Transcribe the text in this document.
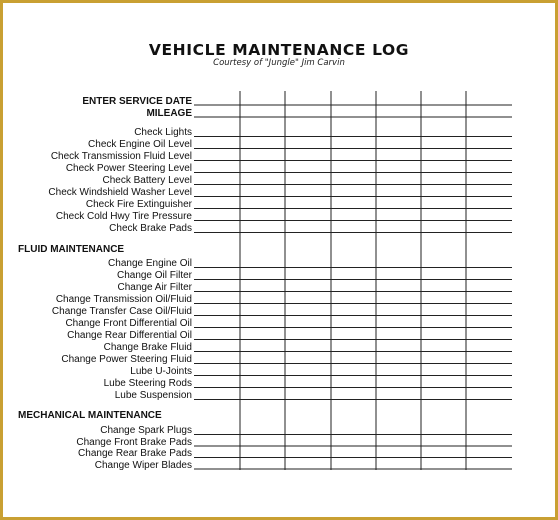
VEHICLE MAINTENANCE LOG
Courtesy of "Jungle" Jim Carvin
ENTER SERVICE DATE
MILEAGE
Check Lights
Check Engine Oil Level
Check Transmission Fluid Level
Check Power Steering Level
Check Battery Level
Check Windshield Washer Level
Check Fire Extinguisher
Check Cold Hwy Tire Pressure
Check Brake Pads
FLUID MAINTENANCE
Change Engine Oil
Change Oil Filter
Change Air Filter
Change Transmission Oil/Fluid
Change Transfer Case Oil/Fluid
Change Front Differential Oil
Change Rear Differential Oil
Change Brake Fluid
Change Power Steering Fluid
Lube U-Joints
Lube Steering Rods
Lube Suspension
MECHANICAL MAINTENANCE
Change Spark Plugs
Change Front Brake Pads
Change Rear Brake Pads
Change Wiper Blades
